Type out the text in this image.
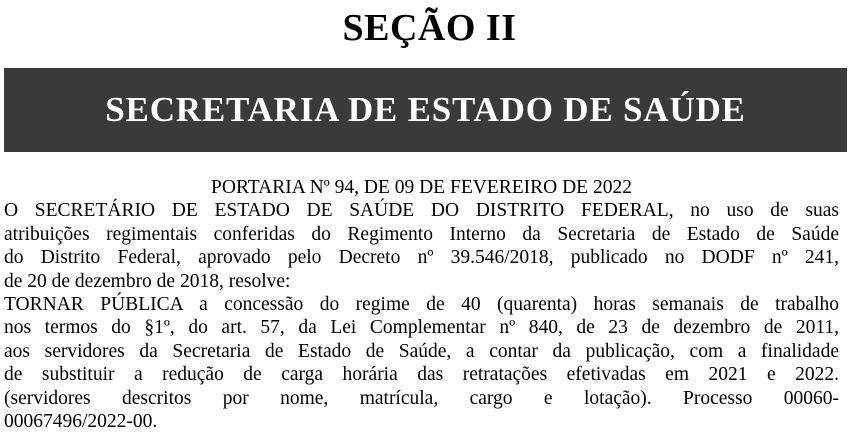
SEÇÃO II
SECRETARIA DE ESTADO DE SAÚDE

PORTARIA Nº 94, DE 09 DE FEVEREIRO DE 2022

O SECRETÁRIO DE ESTADO DE SAÚDE DO DISTRITO FEDERAL, no uso de suas
atribuições regimentais conferidas do Regimento Interno da Secretaria de Estado de Saúde
do Distrito Federal, aprovado pelo Decreto nº 39.546/2018, publicado no DODF nº 241,
de 20 de dezembro de 2018, resolve:

TORNAR PÚBLICA a concessão do regime de 40 (quarenta) horas semanais de trabalho
nos termos do §1º, do art. 57, da Lei Complementar nº 840, de 23 de dezembro de 2011,
aos servidores da Secretaria de Estado de Saúde, a contar da publicação, com a finalidade
de substituir a redução de carga horária das retratações efetivadas em 2021 e 2022.
(servidores descritos por nome, matrícula, cargo e lotação). Processo 00060-
00067496/2022-00.
